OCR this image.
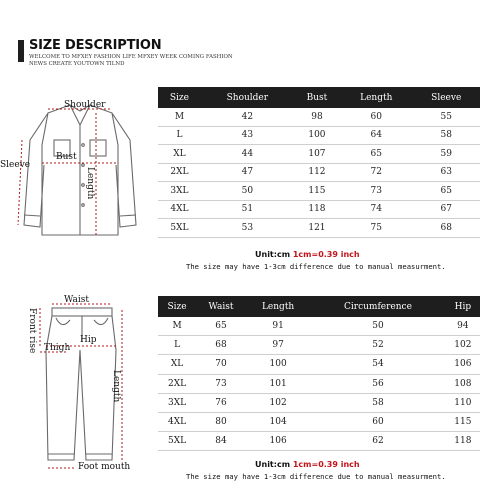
SIZE DESCRIPTION
WELCOME TO MFXEY FASHION LIFE MFXEY WEEK COMING FASHION NEWS CREATE YOUTOWN TILND
Shoulder
Bust
Sleeve
Length
Waist
Front rise Thigh
Hip
Length
Foot mouth
Size	Shoulder	Bust	Length	Sleeve
M	42	98	60	55
L	43	100	64	58
XL	44	107	65	59
2XL	47	112	72	63
3XL	50	115	73	65
4XL	51	118	74	67
5XL	53	121	75	68
Unit:cm 1cm=0.39 inch
The size may have 1-3cm difference due to manual measurment.
Size	Waist	Length	Circumference	Hip
M	65	91	50	94
L	68	97	52	102
XL	70	100	54	106
2XL	73	101	56	108
3XL	76	102	58	110
4XL	80	104	60	115
5XL	84	106	62	118
Unit:cm 1cm=0.39 inch
The size may have 1-3cm difference due to manual measurment.
